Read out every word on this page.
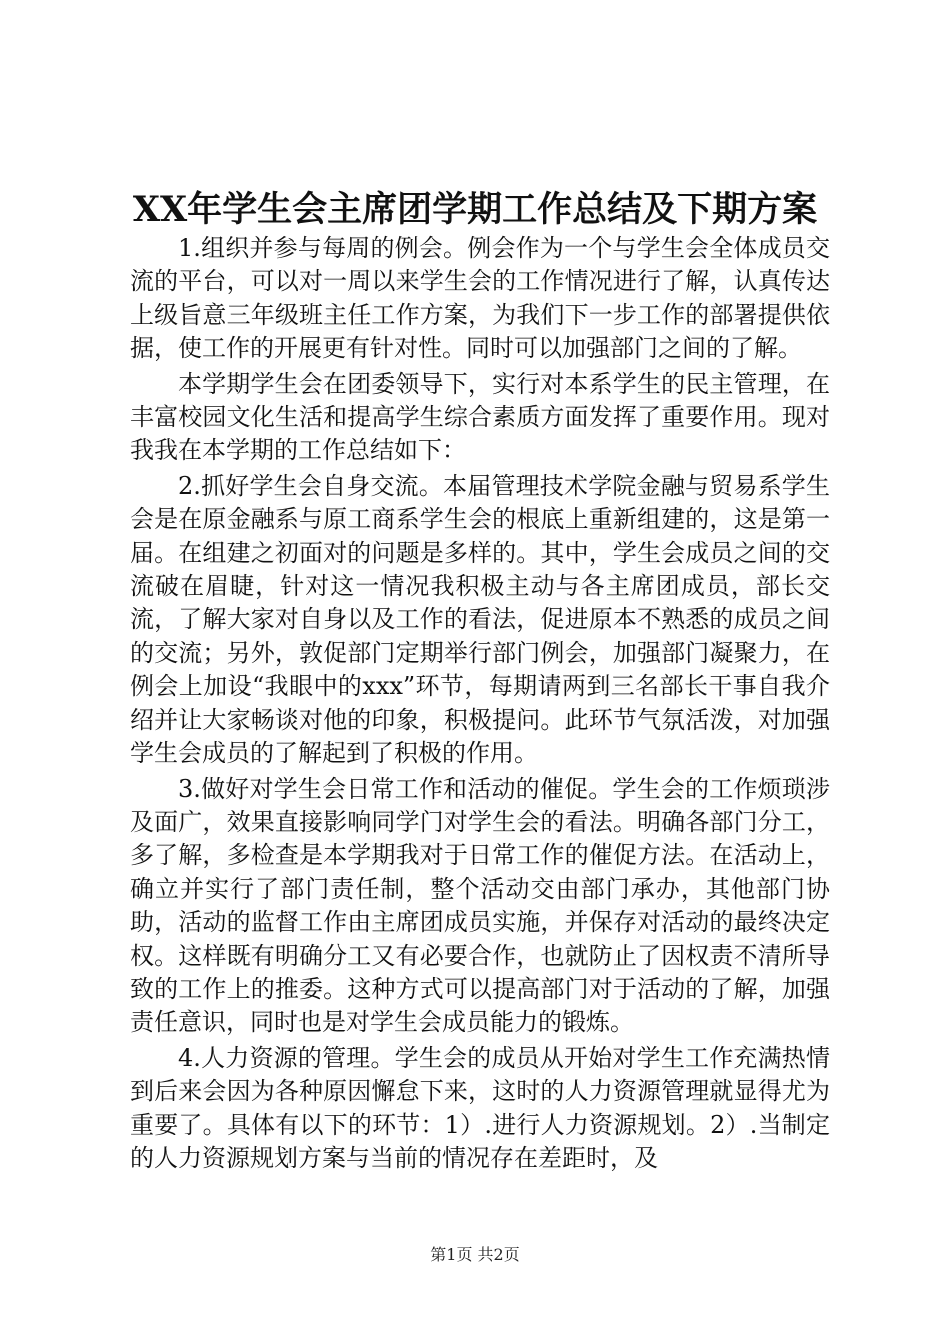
XX年学生会主席团学期工作总结及下期方案

1.组织并参与每周的例会。例会作为一个与学生会全体成员交流的平台，可以对一周以来学生会的工作情况进行了解，认真传达上级旨意三年级班主任工作方案，为我们下一步工作的部署提供依据，使工作的开展更有针对性。同时可以加强部门之间的了解。

本学期学生会在团委领导下，实行对本系学生的民主管理，在丰富校园文化生活和提高学生综合素质方面发挥了重要作用。现对我我在本学期的工作总结如下：

2.抓好学生会自身交流。本届管理技术学院金融与贸易系学生会是在原金融系与原工商系学生会的根底上重新组建的，这是第一届。在组建之初面对的问题是多样的。其中，学生会成员之间的交流破在眉睫，针对这一情况我积极主动与各主席团成员，部长交流，了解大家对自身以及工作的看法，促进原本不熟悉的成员之间的交流；另外，敦促部门定期举行部门例会，加强部门凝聚力，在例会上加设“我眼中的xxx”环节，每期请两到三名部长干事自我介绍并让大家畅谈对他的印象，积极提问。此环节气氛活泼，对加强学生会成员的了解起到了积极的作用。

3.做好对学生会日常工作和活动的催促。学生会的工作烦琐涉及面广，效果直接影响同学门对学生会的看法。明确各部门分工，多了解，多检查是本学期我对于日常工作的催促方法。在活动上，确立并实行了部门责任制，整个活动交由部门承办，其他部门协助，活动的监督工作由主席团成员实施，并保存对活动的最终决定权。这样既有明确分工又有必要合作，也就防止了因权责不清所导致的工作上的推委。这种方式可以提高部门对于活动的了解，加强责任意识，同时也是对学生会成员能力的锻炼。

4.人力资源的管理。学生会的成员从开始对学生工作充满热情到后来会因为各种原因懈怠下来，这时的人力资源管理就显得尤为重要了。具体有以下的环节：1）.进行人力资源规划。2）.当制定的人力资源规划方案与当前的情况存在差距时，及

第1页 共2页
